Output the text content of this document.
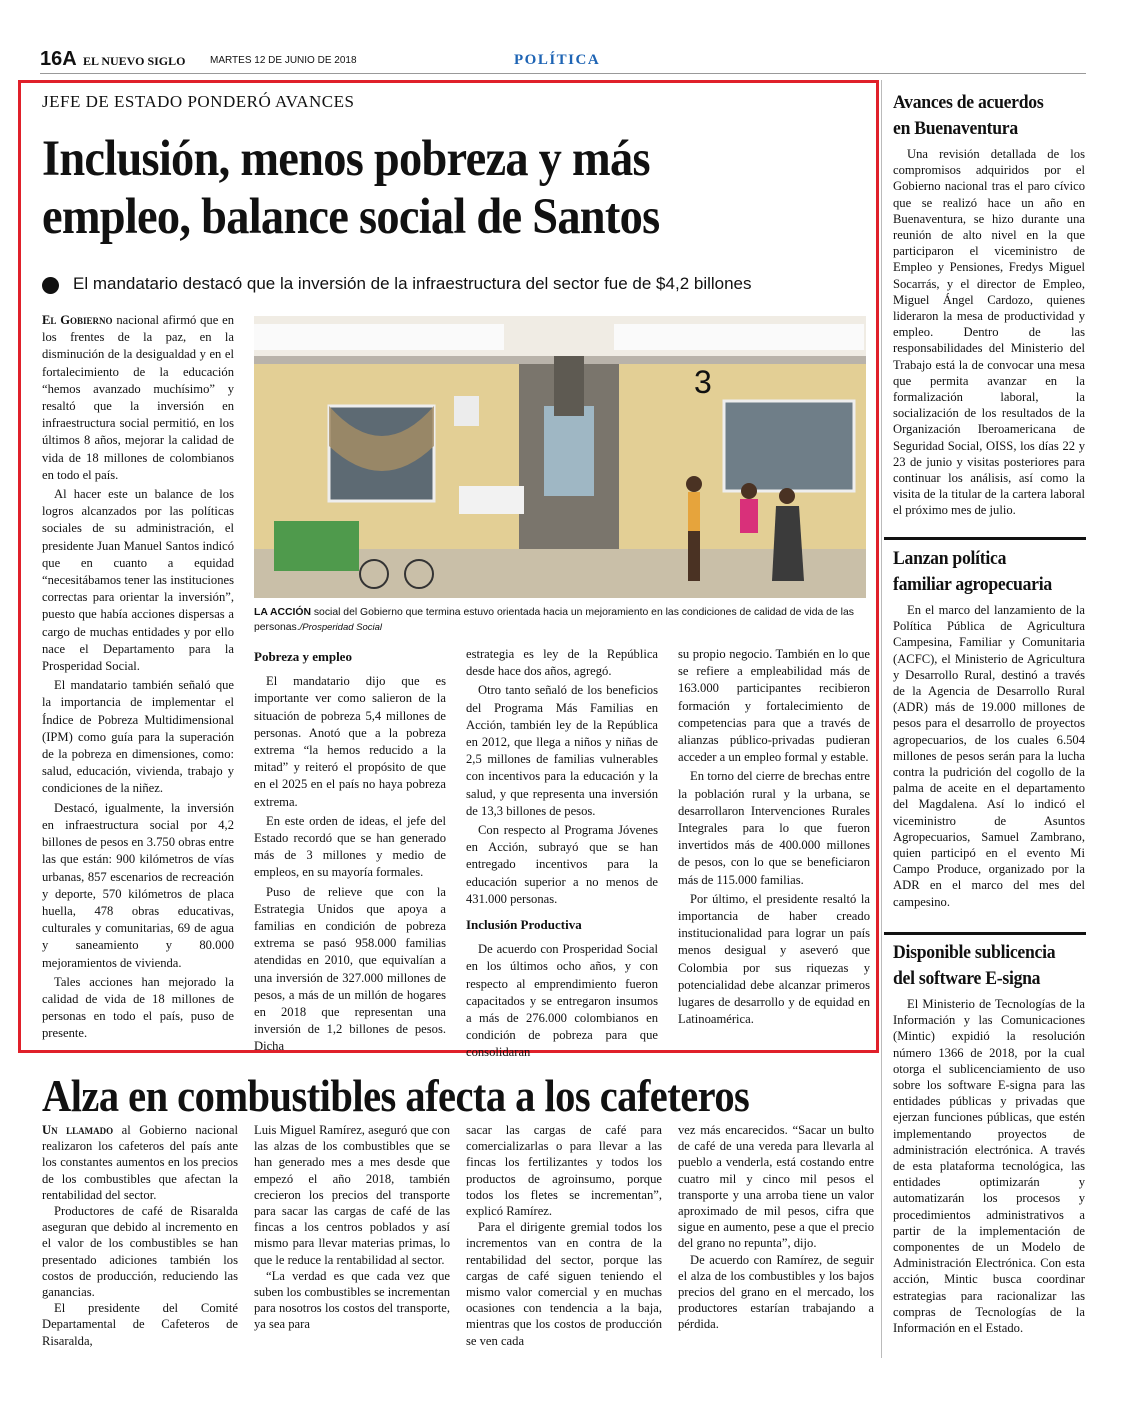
16A EL NUEVO SIGLO MARTES 12 DE JUNIO DE 2018	POLÍTICA
JEFE DE ESTADO PONDERÓ AVANCES
Inclusión, menos pobreza y más
empleo, balance social de Santos
El mandatario destacó que la inversión de la infraestructura del sector fue de $4,2 billones

El Gobierno nacional afirmó que en los frentes de la paz, en la disminución de la desigualdad y en el fortalecimiento de la educación “hemos avanzado muchísimo” y resaltó que la inversión en infraestructura social permitió, en los últimos 8 años, mejorar la calidad de vida de 18 millones de colombianos en todo el país.

Al hacer este un balance de los logros alcanzados por las políticas sociales de su administración, el presidente Juan Manuel Santos indicó que en cuanto a equidad “necesitábamos tener las instituciones correctas para orientar la inversión”, puesto que había acciones dispersas a cargo de muchas entidades y por ello nace el Departamento para la Prosperidad Social.

El mandatario también señaló que la importancia de implementar el Índice de Pobreza Multidimensional (IPM) como guía para la superación de la pobreza en dimensiones, como: salud, educación, vivienda, trabajo y condiciones de la niñez.

Destacó, igualmente, la inversión en infraestructura social por 4,2 billones de pesos en 3.750 obras entre las que están: 900 kilómetros de vías urbanas, 857 escenarios de recreación y deporte, 570 kilómetros de placa huella, 478 obras educativas, culturales y comunitarias, 69 de agua y saneamiento y 80.000 mejoramientos de vivienda.

Tales acciones han mejorado la calidad de vida de 18 millones de personas en todo el país, puso de presente.

3
LA ACCIÓN social del Gobierno que termina estuvo orientada hacia un mejoramiento en las condiciones de calidad de vida de las personas./Prosperidad Social
Pobreza y empleo

El mandatario dijo que es importante ver como salieron de la situación de pobreza 5,4 millones de personas. Anotó que a la pobreza extrema “la hemos reducido a la mitad” y reiteró el propósito de que en el 2025 en el país no haya pobreza extrema.

En este orden de ideas, el jefe del Estado recordó que se han generado más de 3 millones y medio de empleos, en su mayoría formales.

Puso de relieve que con la Estrategia Unidos que apoya a familias en condición de pobreza extrema se pasó 958.000 familias atendidas en 2010, que equivalían a una inversión de 327.000 millones de pesos, a más de un millón de hogares en 2018 que representan una inversión de 1,2 billones de pesos. Dicha

estrategia es ley de la República desde hace dos años, agregó.

Otro tanto señaló de los beneficios del Programa Más Familias en Acción, también ley de la República en 2012, que llega a niños y niñas de 2,5 millones de familias vulnerables con incentivos para la educación y la salud, y que representa una inversión de 13,3 billones de pesos.

Con respecto al Programa Jóvenes en Acción, subrayó que se han entregado incentivos para la educación superior a no menos de 431.000 personas.

Inclusión Productiva

De acuerdo con Prosperidad Social en los últimos ocho años, y con respecto al emprendimiento fueron capacitados y se entregaron insumos a más de 276.000 colombianos en condición de pobreza para que consolidaran

su propio negocio. También en lo que se refiere a empleabilidad más de 163.000 participantes recibieron formación y fortalecimiento de competencias para que a través de alianzas público-privadas pudieran acceder a un empleo formal y estable.

En torno del cierre de brechas entre la población rural y la urbana, se desarrollaron Intervenciones Rurales Integrales para lo que fueron invertidos más de 400.000 millones de pesos, con lo que se beneficiaron más de 115.000 familias.

Por último, el presidente resaltó la importancia de haber creado institucionalidad para lograr un país menos desigual y aseveró que Colombia por sus riquezas y potencialidad debe alcanzar primeros lugares de desarrollo y de equidad en Latinoamérica.

Avances de acuerdos
en Buenaventura
Una revisión detallada de los compromisos adquiridos por el Gobierno nacional tras el paro cívico que se realizó hace un año en Buenaventura, se hizo durante una reunión de alto nivel en la que participaron el viceministro de Empleo y Pensiones, Fredys Miguel Socarrás, y el director de Empleo, Miguel Ángel Cardozo, quienes lideraron la mesa de productividad y empleo. Dentro de las responsabilidades del Ministerio del Trabajo está la de convocar una mesa que permita avanzar en la formalización laboral, la socialización de los resultados de la Organización Iberoamericana de Seguridad Social, OISS, los días 22 y 23 de junio y visitas posteriores para continuar los análisis, así como la visita de la titular de la cartera laboral el próximo mes de julio.
Lanzan política
familiar agropecuaria
En el marco del lanzamiento de la Política Pública de Agricultura Campesina, Familiar y Comunitaria (ACFC), el Ministerio de Agricultura y Desarrollo Rural, destinó a través de la Agencia de Desarrollo Rural (ADR) más de 19.000 millones de pesos para el desarrollo de proyectos agropecuarios, de los cuales 6.504 millones de pesos serán para la lucha contra la pudrición del cogollo de la palma de aceite en el departamento del Magdalena. Así lo indicó el viceministro de Asuntos Agropecuarios, Samuel Zambrano, quien participó en el evento Mi Campo Produce, organizado por la ADR en el marco del mes del campesino.
Disponible sublicencia
del software E-signa
El Ministerio de Tecnologías de la Información y las Comunicaciones (Mintic) expidió la resolución número 1366 de 2018, por la cual otorga el sublicenciamiento de uso sobre los software E-signa para las entidades públicas y privadas que ejerzan funciones públicas, que estén implementando proyectos de administración electrónica. A través de esta plataforma tecnológica, las entidades optimizarán y automatizarán los procesos y procedimientos administrativos a partir de la implementación de componentes de un Modelo de Administración Electrónica. Con esta acción, Mintic busca coordinar estrategias para racionalizar las compras de Tecnologías de la Información en el Estado.
Alza en combustibles afecta a los cafeteros

Un llamado al Gobierno nacional realizaron los cafeteros del país ante los constantes aumentos en los precios de los combustibles que afectan la rentabilidad del sector.

Productores de café de Risaralda aseguran que debido al incremento en el valor de los combustibles se han presentado adiciones también los costos de producción, reduciendo las ganancias.

El presidente del Comité Departamental de Cafeteros de Risaralda,

Luis Miguel Ramírez, aseguró que con las alzas de los combustibles que se han generado mes a mes desde que empezó el año 2018, también crecieron los precios del transporte para sacar las cargas de café de las fincas a los centros poblados y así mismo para llevar materias primas, lo que le reduce la rentabilidad al sector.

“La verdad es que cada vez que suben los combustibles se incrementan para nosotros los costos del transporte, ya sea para

sacar las cargas de café para comercializarlas o para llevar a las fincas los fertilizantes y todos los productos de agroinsumo, porque todos los fletes se incrementan”, explicó Ramírez.

Para el dirigente gremial todos los incrementos van en contra de la rentabilidad del sector, porque las cargas de café siguen teniendo el mismo valor comercial y en muchas ocasiones con tendencia a la baja, mientras que los costos de producción se ven cada

vez más encarecidos. “Sacar un bulto de café de una vereda para llevarla al pueblo a venderla, está costando entre cuatro mil y cinco mil pesos el transporte y una arroba tiene un valor aproximado de mil pesos, cifra que sigue en aumento, pese a que el precio del grano no repunta”, dijo.

De acuerdo con Ramírez, de seguir el alza de los combustibles y los bajos precios del grano en el mercado, los productores estarían trabajando a pérdida.
